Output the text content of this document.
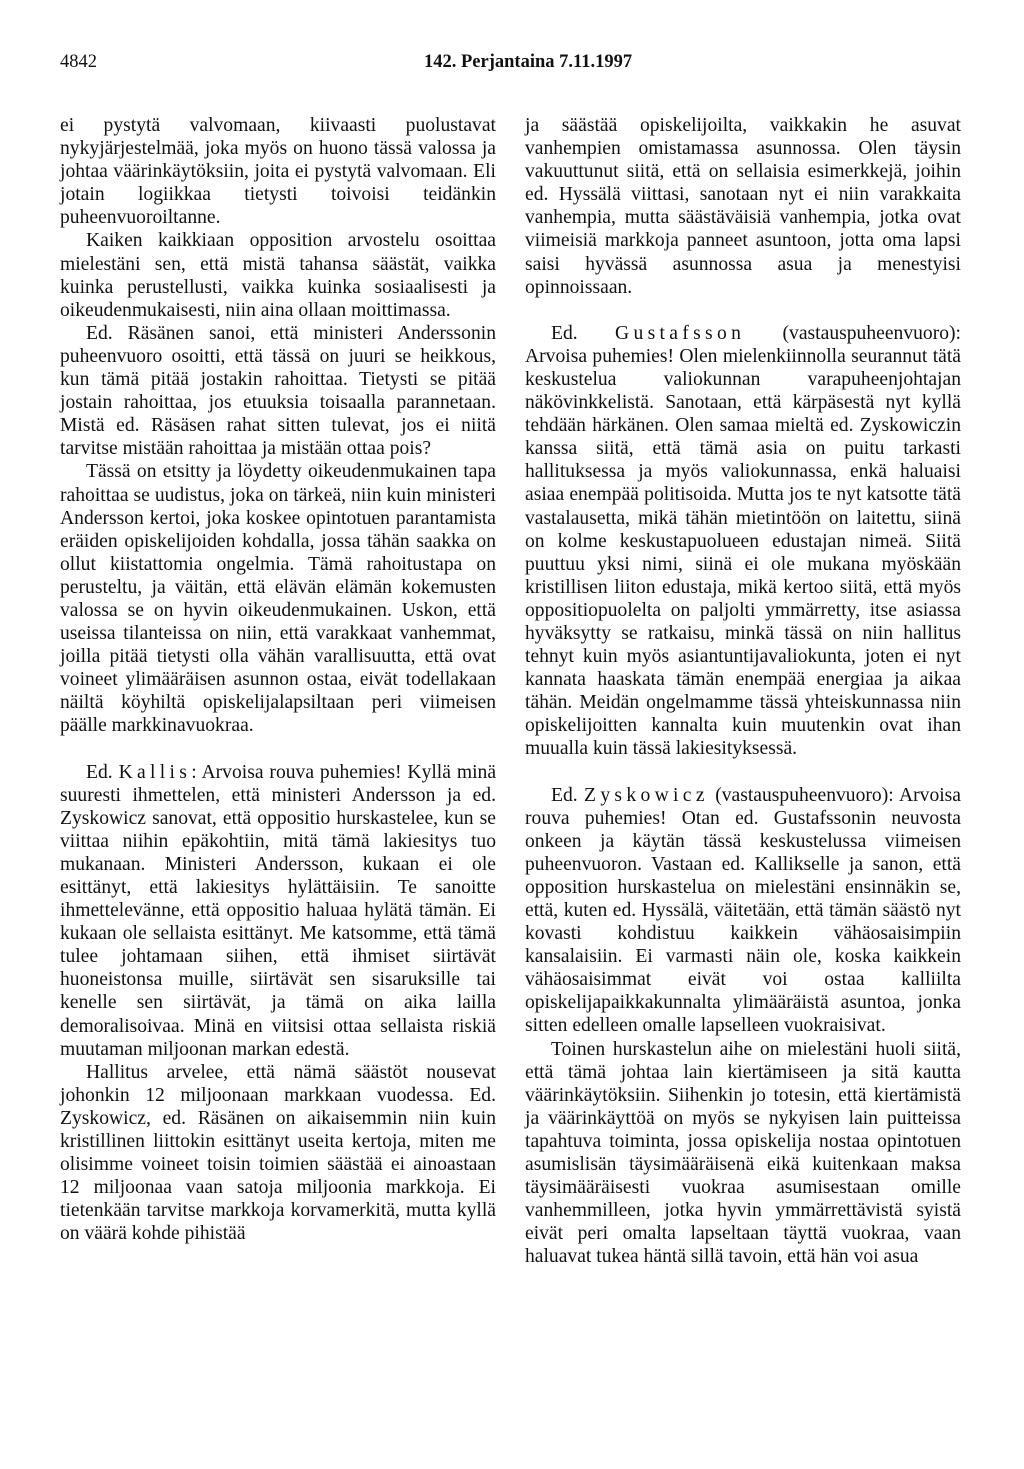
4842	142. Perjantaina 7.11.1997

ei pystytä valvomaan, kiivaasti puolustavat nykyjärjestelmää, joka myös on huono tässä valossa ja johtaa väärinkäytöksiin, joita ei pystytä valvomaan. Eli jotain logiikkaa tietysti toivoisi teidänkin puheenvuoroiltanne.

Kaiken kaikkiaan opposition arvostelu osoittaa mielestäni sen, että mistä tahansa säästät, vaikka kuinka perustellusti, vaikka kuinka sosiaalisesti ja oikeudenmukaisesti, niin aina ollaan moittimassa.

Ed. Räsänen sanoi, että ministeri Anderssonin puheenvuoro osoitti, että tässä on juuri se heikkous, kun tämä pitää jostakin rahoittaa. Tietysti se pitää jostain rahoittaa, jos etuuksia toisaalla parannetaan. Mistä ed. Räsäsen rahat sitten tulevat, jos ei niitä tarvitse mistään rahoittaa ja mistään ottaa pois?

Tässä on etsitty ja löydetty oikeudenmukainen tapa rahoittaa se uudistus, joka on tärkeä, niin kuin ministeri Andersson kertoi, joka koskee opintotuen parantamista eräiden opiskelijoiden kohdalla, jossa tähän saakka on ollut kiistattomia ongelmia. Tämä rahoitustapa on perusteltu, ja väitän, että elävän elämän kokemusten valossa se on hyvin oikeudenmukainen. Uskon, että useissa tilanteissa on niin, että varakkaat vanhemmat, joilla pitää tietysti olla vähän varallisuutta, että ovat voineet ylimääräisen asunnon ostaa, eivät todellakaan näiltä köyhiltä opiskelijalapsiltaan peri viimeisen päälle markkinavuokraa.

Ed. Kallis: Arvoisa rouva puhemies! Kyllä minä suuresti ihmettelen, että ministeri Andersson ja ed. Zyskowicz sanovat, että oppositio hurskastelee, kun se viittaa niihin epäkohtiin, mitä tämä lakiesitys tuo mukanaan. Ministeri Andersson, kukaan ei ole esittänyt, että lakiesitys hylättäisiin. Te sanoitte ihmettelevänne, että oppositio haluaa hylätä tämän. Ei kukaan ole sellaista esittänyt. Me katsomme, että tämä tulee johtamaan siihen, että ihmiset siirtävät huoneistonsa muille, siirtävät sen sisaruksille tai kenelle sen siirtävät, ja tämä on aika lailla demoralisoivaa. Minä en viitsisi ottaa sellaista riskiä muutaman miljoonan markan edestä.

Hallitus arvelee, että nämä säästöt nousevat johonkin 12 miljoonaan markkaan vuodessa. Ed. Zyskowicz, ed. Räsänen on aikaisemmin niin kuin kristillinen liittokin esittänyt useita kertoja, miten me olisimme voineet toisin toimien säästää ei ainoastaan 12 miljoonaa vaan satoja miljoonia markkoja. Ei tietenkään tarvitse markkoja korvamerkitä, mutta kyllä on väärä kohde pihistää

ja säästää opiskelijoilta, vaikkakin he asuvat vanhempien omistamassa asunnossa. Olen täysin vakuuttunut siitä, että on sellaisia esimerkkejä, joihin ed. Hyssälä viittasi, sanotaan nyt ei niin varakkaita vanhempia, mutta säästäväisiä vanhempia, jotka ovat viimeisiä markkoja panneet asuntoon, jotta oma lapsi saisi hyvässä asunnossa asua ja menestyisi opinnoissaan.

Ed. Gustafsson (vastauspuheenvuoro): Arvoisa puhemies! Olen mielenkiinnolla seurannut tätä keskustelua valiokunnan varapuheenjohtajan näkövinkkelistä. Sanotaan, että kärpäsestä nyt kyllä tehdään härkänen. Olen samaa mieltä ed. Zyskowiczin kanssa siitä, että tämä asia on puitu tarkasti hallituksessa ja myös valiokunnassa, enkä haluaisi asiaa enempää politisoida. Mutta jos te nyt katsotte tätä vastalausetta, mikä tähän mietintöön on laitettu, siinä on kolme keskustapuolueen edustajan nimeä. Siitä puuttuu yksi nimi, siinä ei ole mukana myöskään kristillisen liiton edustaja, mikä kertoo siitä, että myös oppositiopuolelta on paljolti ymmärretty, itse asiassa hyväksytty se ratkaisu, minkä tässä on niin hallitus tehnyt kuin myös asiantuntijavaliokunta, joten ei nyt kannata haaskata tämän enempää energiaa ja aikaa tähän. Meidän ongelmamme tässä yhteiskunnassa niin opiskelijoitten kannalta kuin muutenkin ovat ihan muualla kuin tässä lakiesityksessä.

Ed. Zyskowicz (vastauspuheenvuoro): Arvoisa rouva puhemies! Otan ed. Gustafssonin neuvosta onkeen ja käytän tässä keskustelussa viimeisen puheenvuoron. Vastaan ed. Kallikselle ja sanon, että opposition hurskastelua on mielestäni ensinnäkin se, että, kuten ed. Hyssälä, väitetään, että tämän säästö nyt kovasti kohdistuu kaikkein vähäosaisimpiin kansalaisiin. Ei varmasti näin ole, koska kaikkein vähäosaisimmat eivät voi ostaa kalliilta opiskelijapaikkakunnalta ylimääräistä asuntoa, jonka sitten edelleen omalle lapselleen vuokraisivat.

Toinen hurskastelun aihe on mielestäni huoli siitä, että tämä johtaa lain kiertämiseen ja sitä kautta väärinkäytöksiin. Siihenkin jo totesin, että kiertämistä ja väärinkäyttöä on myös se nykyisen lain puitteissa tapahtuva toiminta, jossa opiskelija nostaa opintotuen asumislisän täysimääräisenä eikä kuitenkaan maksa täysimääräisesti vuokraa asumisestaan omille vanhemmilleen, jotka hyvin ymmärrettävistä syistä eivät peri omalta lapseltaan täyttä vuokraa, vaan haluavat tukea häntä sillä tavoin, että hän voi asua
